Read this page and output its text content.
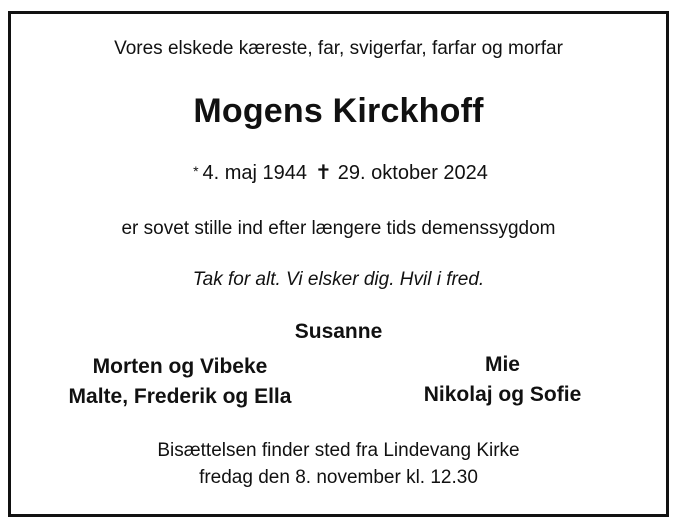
Vores elskede kæreste, far, svigerfar, farfar og morfar
Mogens Kirckhoff
* 4. maj 1944 ✝ 29. oktober 2024
er sovet stille ind efter længere tids demenssygdom
Tak for alt. Vi elsker dig. Hvil i fred.
Susanne
Morten og Vibeke
Malte, Frederik og Ella
Mie
Nikolaj og Sofie
Bisættelsen finder sted fra Lindevang Kirke
fredag den 8. november kl. 12.30
